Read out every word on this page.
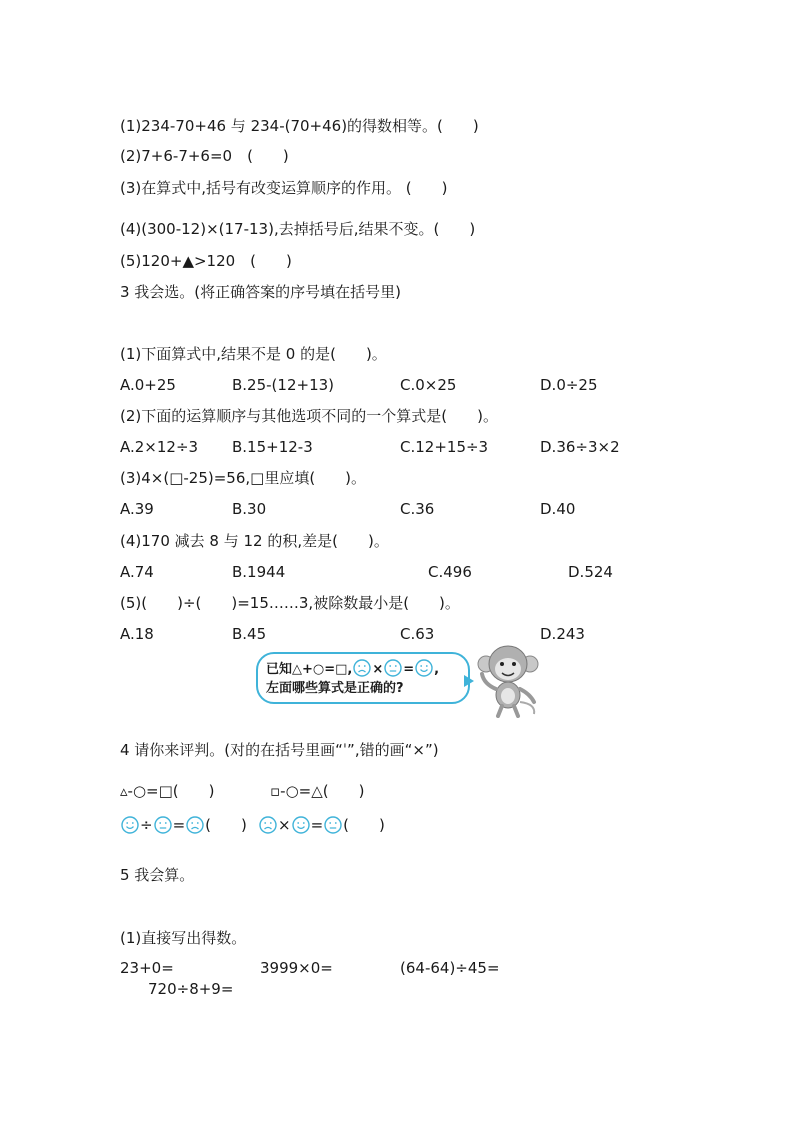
(1)234-70+46 与 234-(70+46)的得数相等。(　　)
(2)7+6-7+6=0　(　　)
(3)在算式中,括号有改变运算顺序的作用。 (　　)
(4)(300-12)×(17-13),去掉括号后,结果不变。(　　)
(5)120+▲>120　(　　)
3 我会选。(将正确答案的序号填在括号里)
(1)下面算式中,结果不是 0 的是(　　)。
A.0+25	B.25-(12+13)	C.0×25	D.0÷25
(2)下面的运算顺序与其他选项不同的一个算式是(　　)。
A.2×12÷3 B.15+12-3	C.12+15÷3	D.36÷3×2
(3)4×(□-25)=56,□里应填(　　)。
A.39	B.30	C.36	D.40
(4)170 减去 8 与 12 的积,差是(　　)。
A.74	B.1944	C.496	D.524
(5)(　　)÷(　　)=15……3,被除数最小是(　　)。
A.18	B.45	C.63	D.243
已知△+○=□, × = ,
左面哪些算式是正确的?
4 请你来评判。(对的在括号里画“ˈ”,错的画“×”)
▵-○=□(　　)	▫-○=△(　　)
÷ = (　　)	× = (　　)
5 我会算。
(1)直接写出得数。
23+0=	3999×0=	(64-64)÷45=
720÷8+9=
